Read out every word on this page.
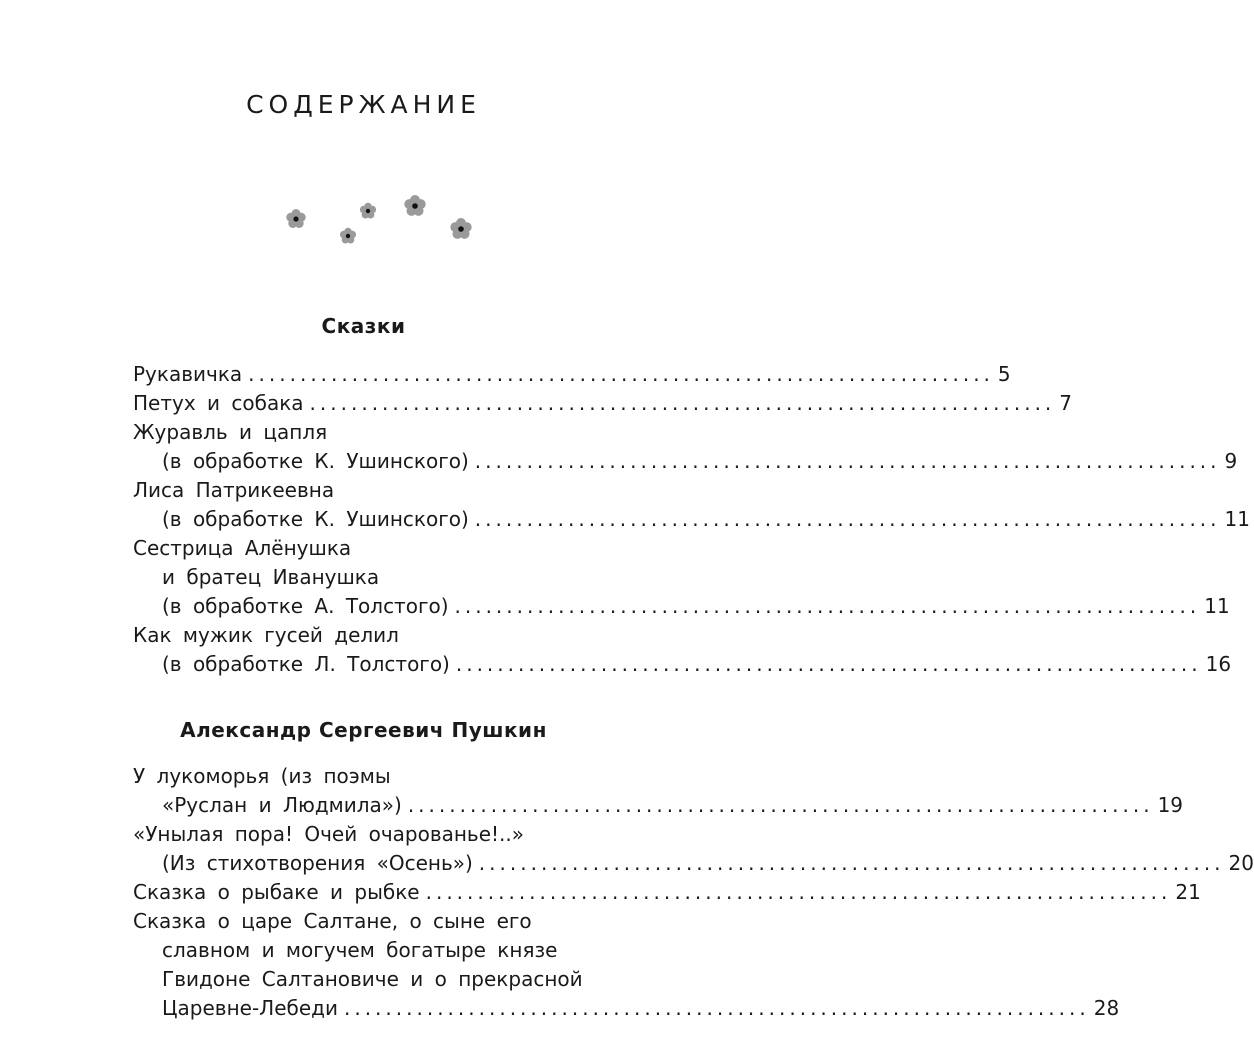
СОДЕРЖАНИЕ
Сказки
Рукавичка ........................................................................ 5
Петух и собака ........................................................................ 7
Журавль и цапля
(в обработке К. Ушинского) ........................................................................ 9
Лиса Патрикеевна
(в обработке К. Ушинского) ........................................................................ 11
Сестрица Алёнушка
и братец Иванушка
(в обработке А. Толстого) ........................................................................ 11
Как мужик гусей делил
(в обработке Л. Толстого) ........................................................................ 16
Александр Сергеевич Пушкин
У лукоморья (из поэмы
«Руслан и Людмила») ........................................................................ 19
«Унылая пора! Очей очарованье!..»
(Из стихотворения «Осень») ........................................................................ 20
Сказка о рыбаке и рыбке ........................................................................ 21
Сказка о царе Салтане, о сыне его
славном и могучем богатыре князе
Гвидоне Салтановиче и о прекрасной
Царевне-Лебеди ........................................................................ 28
